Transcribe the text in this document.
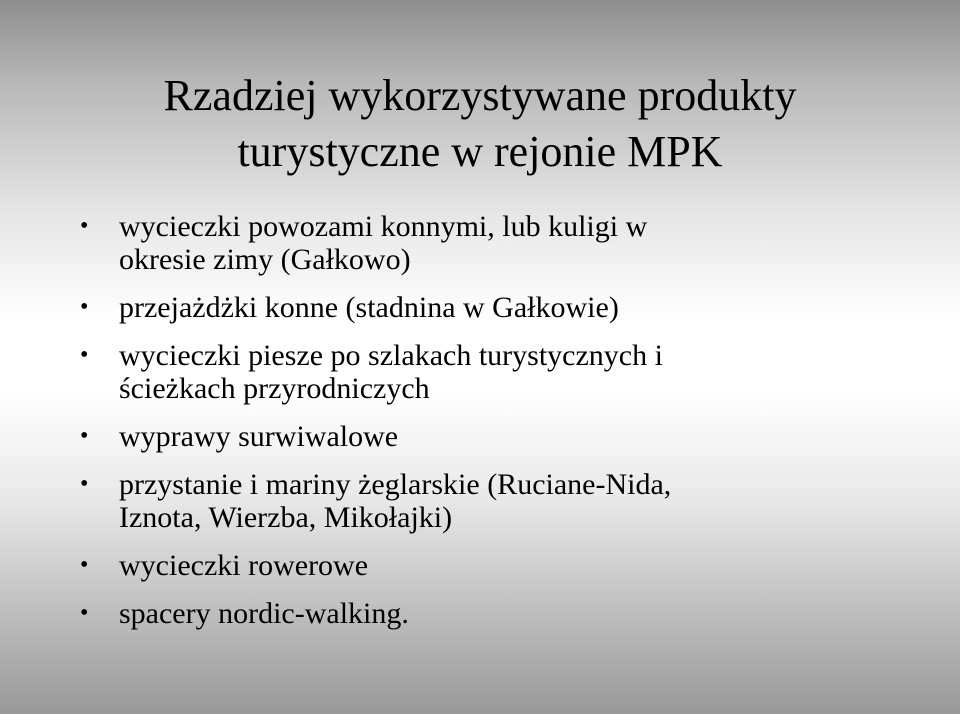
Rzadziej wykorzystywane produkty
turystyczne w rejonie MPK
• wycieczki powozami konnymi, lub kuligi w
okresie zimy (Gałkowo)
• przejażdżki konne (stadnina w Gałkowie)
• wycieczki piesze po szlakach turystycznych i
ścieżkach przyrodniczych
• wyprawy surwiwalowe
• przystanie i mariny żeglarskie (Ruciane-Nida,
Iznota, Wierzba, Mikołajki)
• wycieczki rowerowe
• spacery nordic-walking.
